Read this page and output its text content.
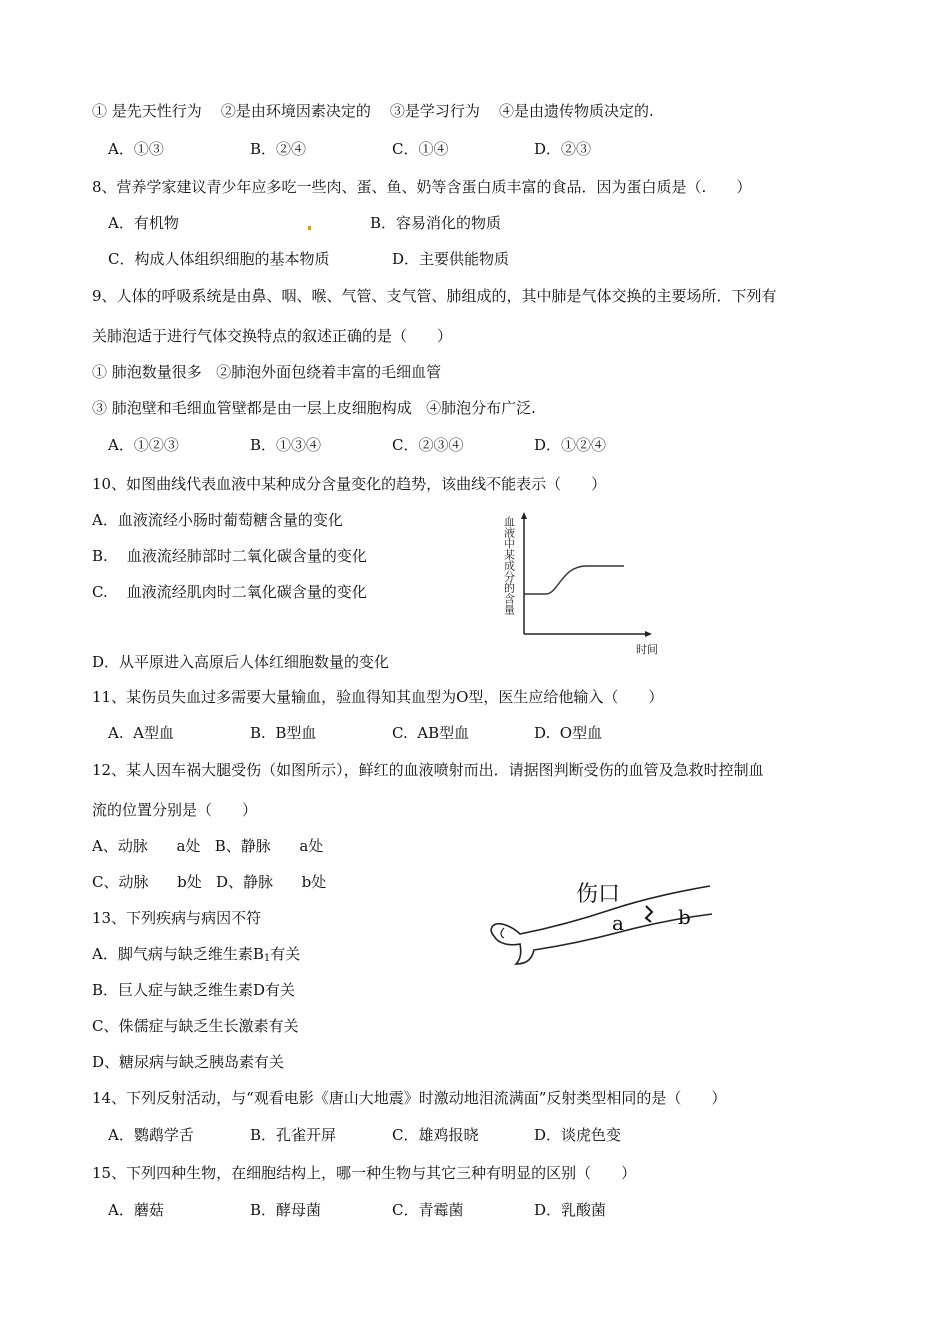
① 是先天性行为    ②是由环境因素决定的    ③是学习行为    ④是由遗传物质决定的.
A．①③	B．②④	C．①④	D．②③
8、营养学家建议青少年应多吃一些肉、蛋、鱼、奶等含蛋白质丰富的食品．因为蛋白质是（.　　）
A．有机物	B．容易消化的物质
C．构成人体组织细胞的基本物质	D．主要供能物质
9、人体的呼吸系统是由鼻、咽、喉、气管、支气管、肺组成的，其中肺是气体交换的主要场所．下列有
关肺泡适于进行气体交换特点的叙述正确的是（　　）
① 肺泡数量很多   ②肺泡外面包绕着丰富的毛细血管
③ 肺泡壁和毛细血管壁都是由一层上皮细胞构成   ④肺泡分布广泛.
A．①②③	B．①③④	C．②③④	D．①②④
10、如图曲线代表血液中某种成分含量变化的趋势，该曲线不能表示（　　）
A．血液流经小肠时葡萄糖含量的变化
B.    血液流经肺部时二氧化碳含量的变化
C.    血液流经肌肉时二氧化碳含量的变化
D．从平原进入高原后人体红细胞数量的变化
血液中某成分的含量
时间
11、某伤员失血过多需要大量输血，验血得知其血型为O型，医生应给他输入（　　）
A.  A型血	B.  B型血	C.  AB型血	D.  O型血
12、某人因车祸大腿受伤（如图所示），鲜红的血液喷射而出．请据图判断受伤的血管及急救时控制血
流的位置分别是（　　）
A、动脉      a处   B、静脉      a处
C、动脉      b处   D、静脉      b处	伤口
a	b
13、下列疾病与病因不符
A．脚气病与缺乏维生素$B_1$有关
B．巨人症与缺乏维生素D有关
C、侏儒症与缺乏生长激素有关
D、糖尿病与缺乏胰岛素有关
14、下列反射活动，与“观看电影《唐山大地震》时激动地泪流满面”反射类型相同的是（　　）
A．鹦鹉学舌	B．孔雀开屏	C．雄鸡报晓	D．谈虎色变
15、下列四种生物，在细胞结构上，哪一种生物与其它三种有明显的区别（　　）
A．蘑菇	B．酵母菌	C．青霉菌	D．乳酸菌
